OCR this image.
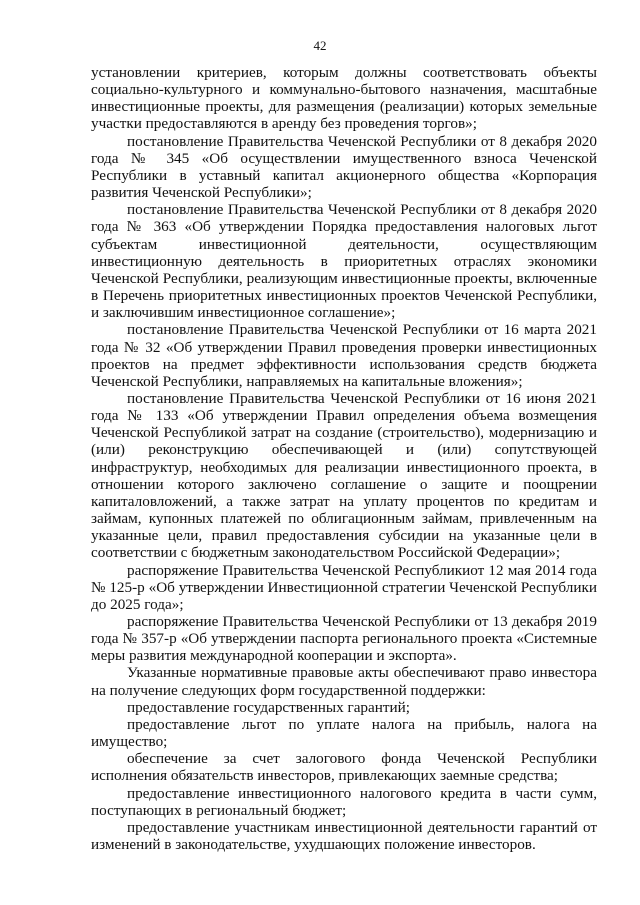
42

установлении критериев, которым должны соответствовать объекты социально-культурного и коммунально-бытового назначения, масштабные инвестиционные проекты, для размещения (реализации) которых земельные участки предоставляются в аренду без проведения торгов»;

постановление Правительства Чеченской Республики от 8 декабря 2020 года № 345 «Об осуществлении имущественного взноса Чеченской Республики в уставный капитал акционерного общества «Корпорация развития Чеченской Республики»;

постановление Правительства Чеченской Республики от 8 декабря 2020 года № 363 «Об утверждении Порядка предоставления налоговых льгот субъектам инвестиционной деятельности, осуществляющим инвестиционную деятельность в приоритетных отраслях экономики Чеченской Республики, реализующим инвестиционные проекты, включенные в Перечень приоритетных инвестиционных проектов Чеченской Республики, и заключившим инвестиционное соглашение»;

постановление Правительства Чеченской Республики от 16 марта 2021 года № 32 «Об утверждении Правил проведения проверки инвестиционных проектов на предмет эффективности использования средств бюджета Чеченской Республики, направляемых на капитальные вложения»;

постановление Правительства Чеченской Республики от 16 июня 2021 года № 133 «Об утверждении Правил определения объема возмещения Чеченской Республикой затрат на создание (строительство), модернизацию и (или) реконструкцию обеспечивающей и (или) сопутствующей инфраструктур, необходимых для реализации инвестиционного проекта, в отношении которого заключено соглашение о защите и поощрении капиталовложений, а также затрат на уплату процентов по кредитам и займам, купонных платежей по облигационным займам, привлеченным на указанные цели, правил предоставления субсидии на указанные цели в соответствии с бюджетным законодательством Российской Федерации»;

распоряжение Правительства Чеченской Республикиот 12 мая 2014 года № 125-р «Об утверждении Инвестиционной стратегии Чеченской Республики до 2025 года»;

распоряжение Правительства Чеченской Республики от 13 декабря 2019 года № 357-р «Об утверждении паспорта регионального проекта «Системные меры развития международной кооперации и экспорта».

Указанные нормативные правовые акты обеспечивают право инвестора на получение следующих форм государственной поддержки:

предоставление государственных гарантий;

предоставление льгот по уплате налога на прибыль, налога на имущество;

обеспечение за счет залогового фонда Чеченской Республики исполнения обязательств инвесторов, привлекающих заемные средства;

предоставление инвестиционного налогового кредита в части сумм, поступающих в региональный бюджет;

предоставление участникам инвестиционной деятельности гарантий от изменений в законодательстве, ухудшающих положение инвесторов.
